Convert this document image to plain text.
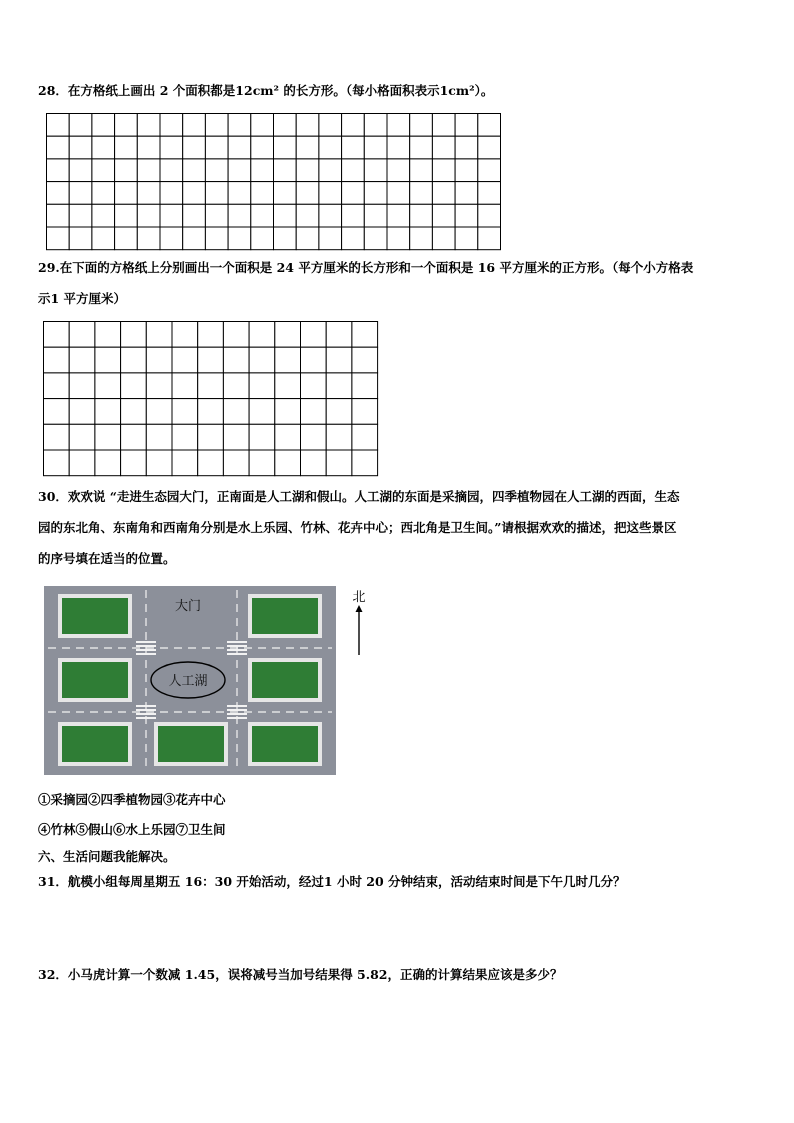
28．在方格纸上画出 2 个面积都是12cm² 的长方形。（每小格面积表示1cm²）。
29.在下面的方格纸上分别画出一个面积是 24 平方厘米的长方形和一个面积是 16 平方厘米的正方形。（每个小方格表
示1 平方厘米）
30．欢欢说 “走进生态园大门，正南面是人工湖和假山。人工湖的东面是采摘园，四季植物园在人工湖的西面，生态
园的东北角、东南角和西南角分别是水上乐园、竹林、花卉中心；西北角是卫生间。”请根据欢欢的描述，把这些景区
的序号填在适当的位置。
大门
人工湖
北
①采摘园②四季植物园③花卉中心
④竹林⑤假山⑥水上乐园⑦卫生间
六、生活问题我能解决。
31．航模小组每周星期五 16：30 开始活动，经过1 小时 20 分钟结束，活动结束时间是下午几时几分？
32．小马虎计算一个数减 1.45，误将减号当加号结果得 5.82，正确的计算结果应该是多少？
